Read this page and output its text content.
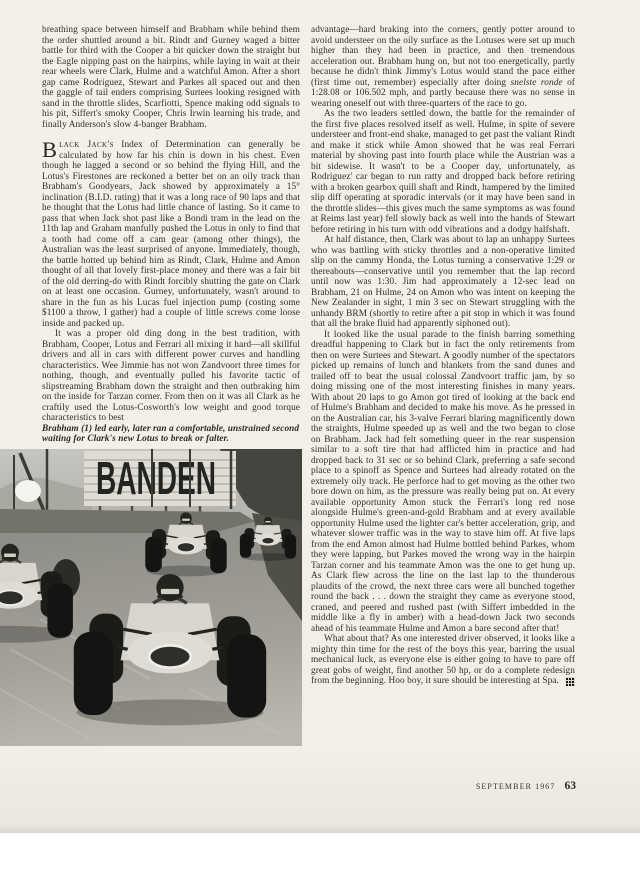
breathing space between himself and Brabham while behind them the order shuttled around a bit. Rindt and Gurney waged a bitter battle for third with the Cooper a bit quicker down the straight but the Eagle nipping past on the hairpins, while laying in wait at their rear wheels were Clark, Hulme and a watchful Amon. After a short gap came Rodriguez, Stewart and Parkes all spaced out and then the gaggle of tail enders comprising Surtees looking resigned with sand in the throttle slides, Scarfiotti, Spence making odd signals to his pit, Siffert's smoky Cooper, Chris Irwin learning his trade, and finally Anderson's slow 4-banger Brabham.

Black Jack's Index of Determination can generally be calculated by how far his chin is down in his chest. Even though he lagged a second or so behind the flying Hill, and the Lotus's Firestones are reckoned a better bet on an oily track than Brabham's Goodyears, Jack showed by approximately a 15° inclination (B.I.D. rating) that it was a long race of 90 laps and that he thought that the Lotus had little chance of lasting. So it came to pass that when Jack shot past like a Bondi tram in the lead on the 11th lap and Graham manfully pushed the Lotus in only to find that a tooth had come off a cam gear (among other things), the Australian was the least surprised of anyone. Immediately, though, the battle hotted up behind him as Rindt, Clark, Hulme and Amon thought of all that lovely first-place money and there was a fair bit of the old derring-do with Rindt forcibly shutting the gate on Clark on at least one occasion. Gurney, unfortunately, wasn't around to share in the fun as his Lucas fuel injection pump (costing some $1100 a throw, I gather) had a couple of little screws come loose inside and packed up.

It was a proper old ding dong in the best tradition, with Brabham, Cooper, Lotus and Ferrari all mixing it hard—all skillful drivers and all in cars with different power curves and handling characteristics. Wee Jimmie has not won Zandvoort three times for nothing, though, and eventually pulled his favorite tactic of slipstreaming Brabham down the straight and then outbraking him on the inside for Tarzan corner. From then on it was all Clark as he craftily used the Lotus-Cosworth's low weight and good torque characteristics to best

Brabham (1) led early, later ran a comfortable, unstrained second waiting for Clark's new Lotus to break or falter.

BANDEN

advantage—hard braking into the corners, gently potter around to avoid understeer on the oily surface as the Lotuses were set up much higher than they had been in practice, and then tremendous acceleration out. Brabham hung on, but not too energetically, partly because he didn't think Jimmy's Lotus would stand the pace either (first time out, remember) especially after doing snelste ronde of 1:28.08 or 106.502 mph, and partly because there was no sense in wearing oneself out with three-quarters of the race to go.

As the two leaders settled down, the battle for the remainder of the first five places resolved itself as well. Hulme, in spite of severe understeer and front-end shake, managed to get past the valiant Rindt and make it stick while Amon showed that he was real Ferrari material by shoving past into fourth place while the Austrian was a bit sidewise. It wasn't to be a Cooper day, unfortunately, as Rodriguez' car began to run ratty and dropped back before retiring with a broken gearbox quill shaft and Rindt, hampered by the limited slip diff operating at sporadic intervals (or it may have been sand in the throttle slides—this gives much the same symptoms as was found at Reims last year) fell slowly back as well into the hands of Stewart before retiring in his turn with odd vibrations and a dodgy halfshaft.

At half distance, then, Clark was about to lap an unhappy Surtees who was battling with sticky throttles and a non-operative limited slip on the cammy Honda, the Lotus turning a conservative 1:29 or thereabouts—conservative until you remember that the lap record until now was 1:30. Jim had approximately a 12-sec lead on Brabham, 21 on Hulme, 24 on Amon who was intent on keeping the New Zealander in sight, 1 min 3 sec on Stewart struggling with the unhandy BRM (shortly to retire after a pit stop in which it was found that all the brake fluid had apparently siphoned out).

It looked like the usual parade to the finish barring something dreadful happening to Clark but in fact the only retirements from then on were Surtees and Stewart. A goodly number of the spectators picked up remains of lunch and blankets from the sand dunes and trailed off to beat the usual colossal Zandvoort traffic jam, by so doing missing one of the most interesting finishes in many years. With about 20 laps to go Amon got tired of looking at the back end of Hulme's Brabham and decided to make his move. As he pressed in on the Australian car, his 3-valve Ferrari blaring magnificently down the straights, Hulme speeded up as well and the two began to close on Brabham. Jack had felt something queer in the rear suspension similar to a soft tire that had afflicted him in practice and had dropped back to 31 sec or so behind Clark, preferring a safe second place to a spinoff as Spence and Surtees had already rotated on the extremely oily track. He perforce had to get moving as the other two bore down on him, as the pressure was really being put on. At every available opportunity Amon stuck the Ferrari's long red nose alongside Hulme's green-and-gold Brabham and at every available opportunity Hulme used the lighter car's better acceleration, grip, and whatever slower traffic was in the way to stave him off. At five laps from the end Amon almost had Hulme bottled behind Parkes, whom they were lapping, but Parkes moved the wrong way in the hairpin Tarzan corner and his teammate Amon was the one to get hung up. As Clark flew across the line on the last lap to the thunderous plaudits of the crowd, the next three cars were all bunched together round the back . . . down the straight they came as everyone stood, craned, and peered and rushed past (with Siffert imbedded in the middle like a fly in amber) with a head-down Jack two seconds ahead of his teammate Hulme and Amon a bare second after that!

What about that? As one interested driver observed, it looks like a mighty thin time for the rest of the boys this year, barring the usual mechanical luck, as everyone else is either going to have to pare off great gobs of weight, find another 50 hp, or do a complete redesign from the beginning. Hoo boy, it sure should be interesting at Spa.

SEPTEMBER 1967 63
